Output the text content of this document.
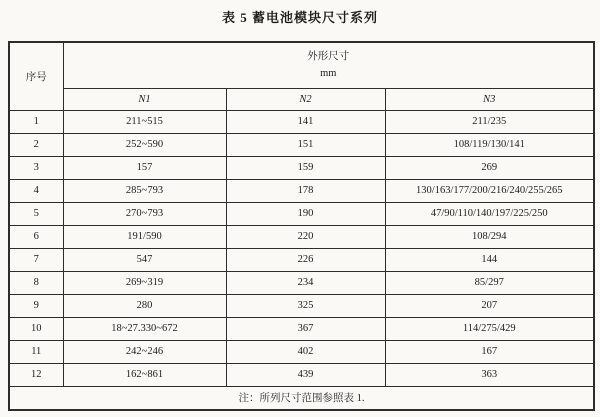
表 5 蓄电池模块尺寸系列
序号	外形尺寸
mm		

	N1	N2	N3
1	211~515	141	211/235
2	252~590	151	108/119/130/141
3	157	159	269
4	285~793	178	130/163/177/200/216/240/255/265
5	270~793	190	47/90/110/140/197/225/250
6	191/590	220	108/294
7	547	226	144
8	269~319	234	85/297
9	280	325	207
10	18~27.330~672	367	114/275/429
11	242~246	402	167
12	162~861	439	363
注：所列尺寸范围参照表 1.			
